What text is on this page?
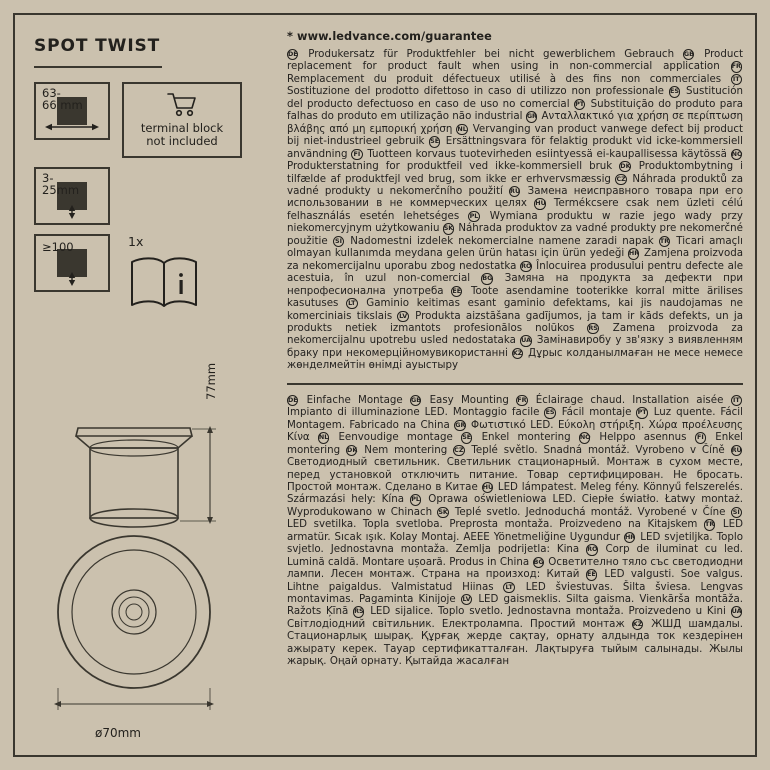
SPOT TWIST
63-
66 mm
terminal block
not included
3-
25mm
≥100	1x
77mm
ø70mm
* www.ledvance.com/guarantee

DE Produkersatz für Produktfehler bei nicht gewerblichem Gebrauch GB Product replacement for product fault when using in non-commercial application FR Remplacement du produit défectueux utilisé à des fins non commerciales IT Sostituzione del prodotto difettoso in caso di utilizzo non professionale ES Sustitución del producto defectuoso en caso de uso no comercial PT Substituição do produto para falhas do produto em utilização não industrial GR Ανταλλακτικό για χρήση σε περίπτωση βλάβης από μη εμπορική χρήση NL Vervanging van product vanwege defect bij product bij niet-industrieel gebruik SE Ersättningsvara för felaktig produkt vid icke-kommersiell användning FI Tuotteen korvaus tuotevirheden esiintyessä ei-kaupallisessa käytössä NO Produkterstatning for produktfeil ved ikke-kommersiell bruk DK Produktombytning i tilfælde af produktfejl ved brug, som ikke er erhvervsmæssig CZ Náhrada produktů za vadné produkty u nekomerčního použití RU Замена неисправного товара при его использовании в не коммерческих целях HU Termékcsere csak nem üzleti célú felhasználás esetén lehetséges PL Wymiana produktu w razie jego wady przy niekomercyjnym użytkowaniu SK Náhrada produktov za vadné produkty pre nekomerčné použitie SI Nadomestni izdelek nekomercialne namene zaradi napak TR Ticari amaçlı olmayan kullanımda meydana gelen ürün hatası için ürün yedeği HR Zamjena proizvoda za nekomercijalnu uporabu zbog nedostatka RO Înlocuirea produsului pentru defecte ale acestuia, în uzul non-comercial BG Замяна на продукта за дефекти при непрофесионална употреба EE Toote asendamine tooterikke korral mitte ärilises kasutuses LT Gaminio keitimas esant gaminio defektams, kai jis naudojamas ne komerciniais tikslais LV Produkta aizstāšana gadījumos, ja tam ir kāds defekts, un ja produkts netiek izmantots profesionālos nolūkos RS Zamena proizvoda za nekomercijalnu upotrebu usled nedostataka UA Замінавиробу у зв'язку з виявленням браку при некомерційномувикористанні KZ Дұрыс колданылмаған не месе немесе жөнделмейтін өнімді ауыстыру

DE Einfache Montage GB Easy Mounting FR Éclairage chaud. Installation aisée IT Impianto di illuminazione LED. Montaggio facile ES Fácil montaje PT Luz quente. Fácil Montagem. Fabricado na China GR Φωτιστικό LED. Εύκολη στήριξη. Χώρα προέλευσης Κίνα NL Eenvoudige montage SE Enkel montering NO Helppo asennus FI Enkel montering DK Nem montering CZ Teplé světlo. Snadná montáž. Vyrobeno v Číně RU Светодиодный светильник. Светильник стационарный. Монтаж в сухом месте, перед установкой отключить питание. Товар сертифицирован. Не бросать. Простой монтаж. Сделано в Китае HU LED lámpatest. Meleg fény. Könnyű felszerelés. Származási hely: Kína PL Oprawa oświetleniowa LED. Ciepłe światło. Łatwy montaż. Wyprodukowano w Chinach SK Teplé svetlo. Jednoduchá montáž. Vyrobené v Číne SI LED svetilka. Topla svetloba. Preprosta montaža. Proizvedeno na Kitajskem TR LED armatür. Sıcak ışık. Kolay Montaj. AEEE Yönetmeliğine Uygundur HR LED svjetiljka. Toplo svjetlo. Jednostavna montaža. Zemlja podrijetla: Kina RO Corp de iluminat cu led. Lumină caldă. Montare ușoară. Produs in China BG Осветително тяло със светодиодни лампи. Лесен монтаж. Страна на произход: Китай EE LED valgusti. Soe valgus. Lihtne paigaldus. Valmistatud Hiinas LT LED šviestuvas. Šilta šviesa. Lengvas montavimas. Pagaminta Kinijoje LV LED gaismeklis. Silta gaisma. Vienkārša montāža. Ražots Ķīnā RS LED sijalice. Toplo svetlo. Jednostavna montaža. Proizvedeno u Kini UA Світлодіодний світильник. Електролампа. Простий монтаж KZ ЖШД шамдалы. Стационарлық шырақ. Құрғақ жерде сақтау, орнату алдында ток кездерінен ажырату керек. Тауар сертификатталған. Лақтыруға тыйым салынады. Жылы жарық. Оңай орнату. Қытайда жасалған
